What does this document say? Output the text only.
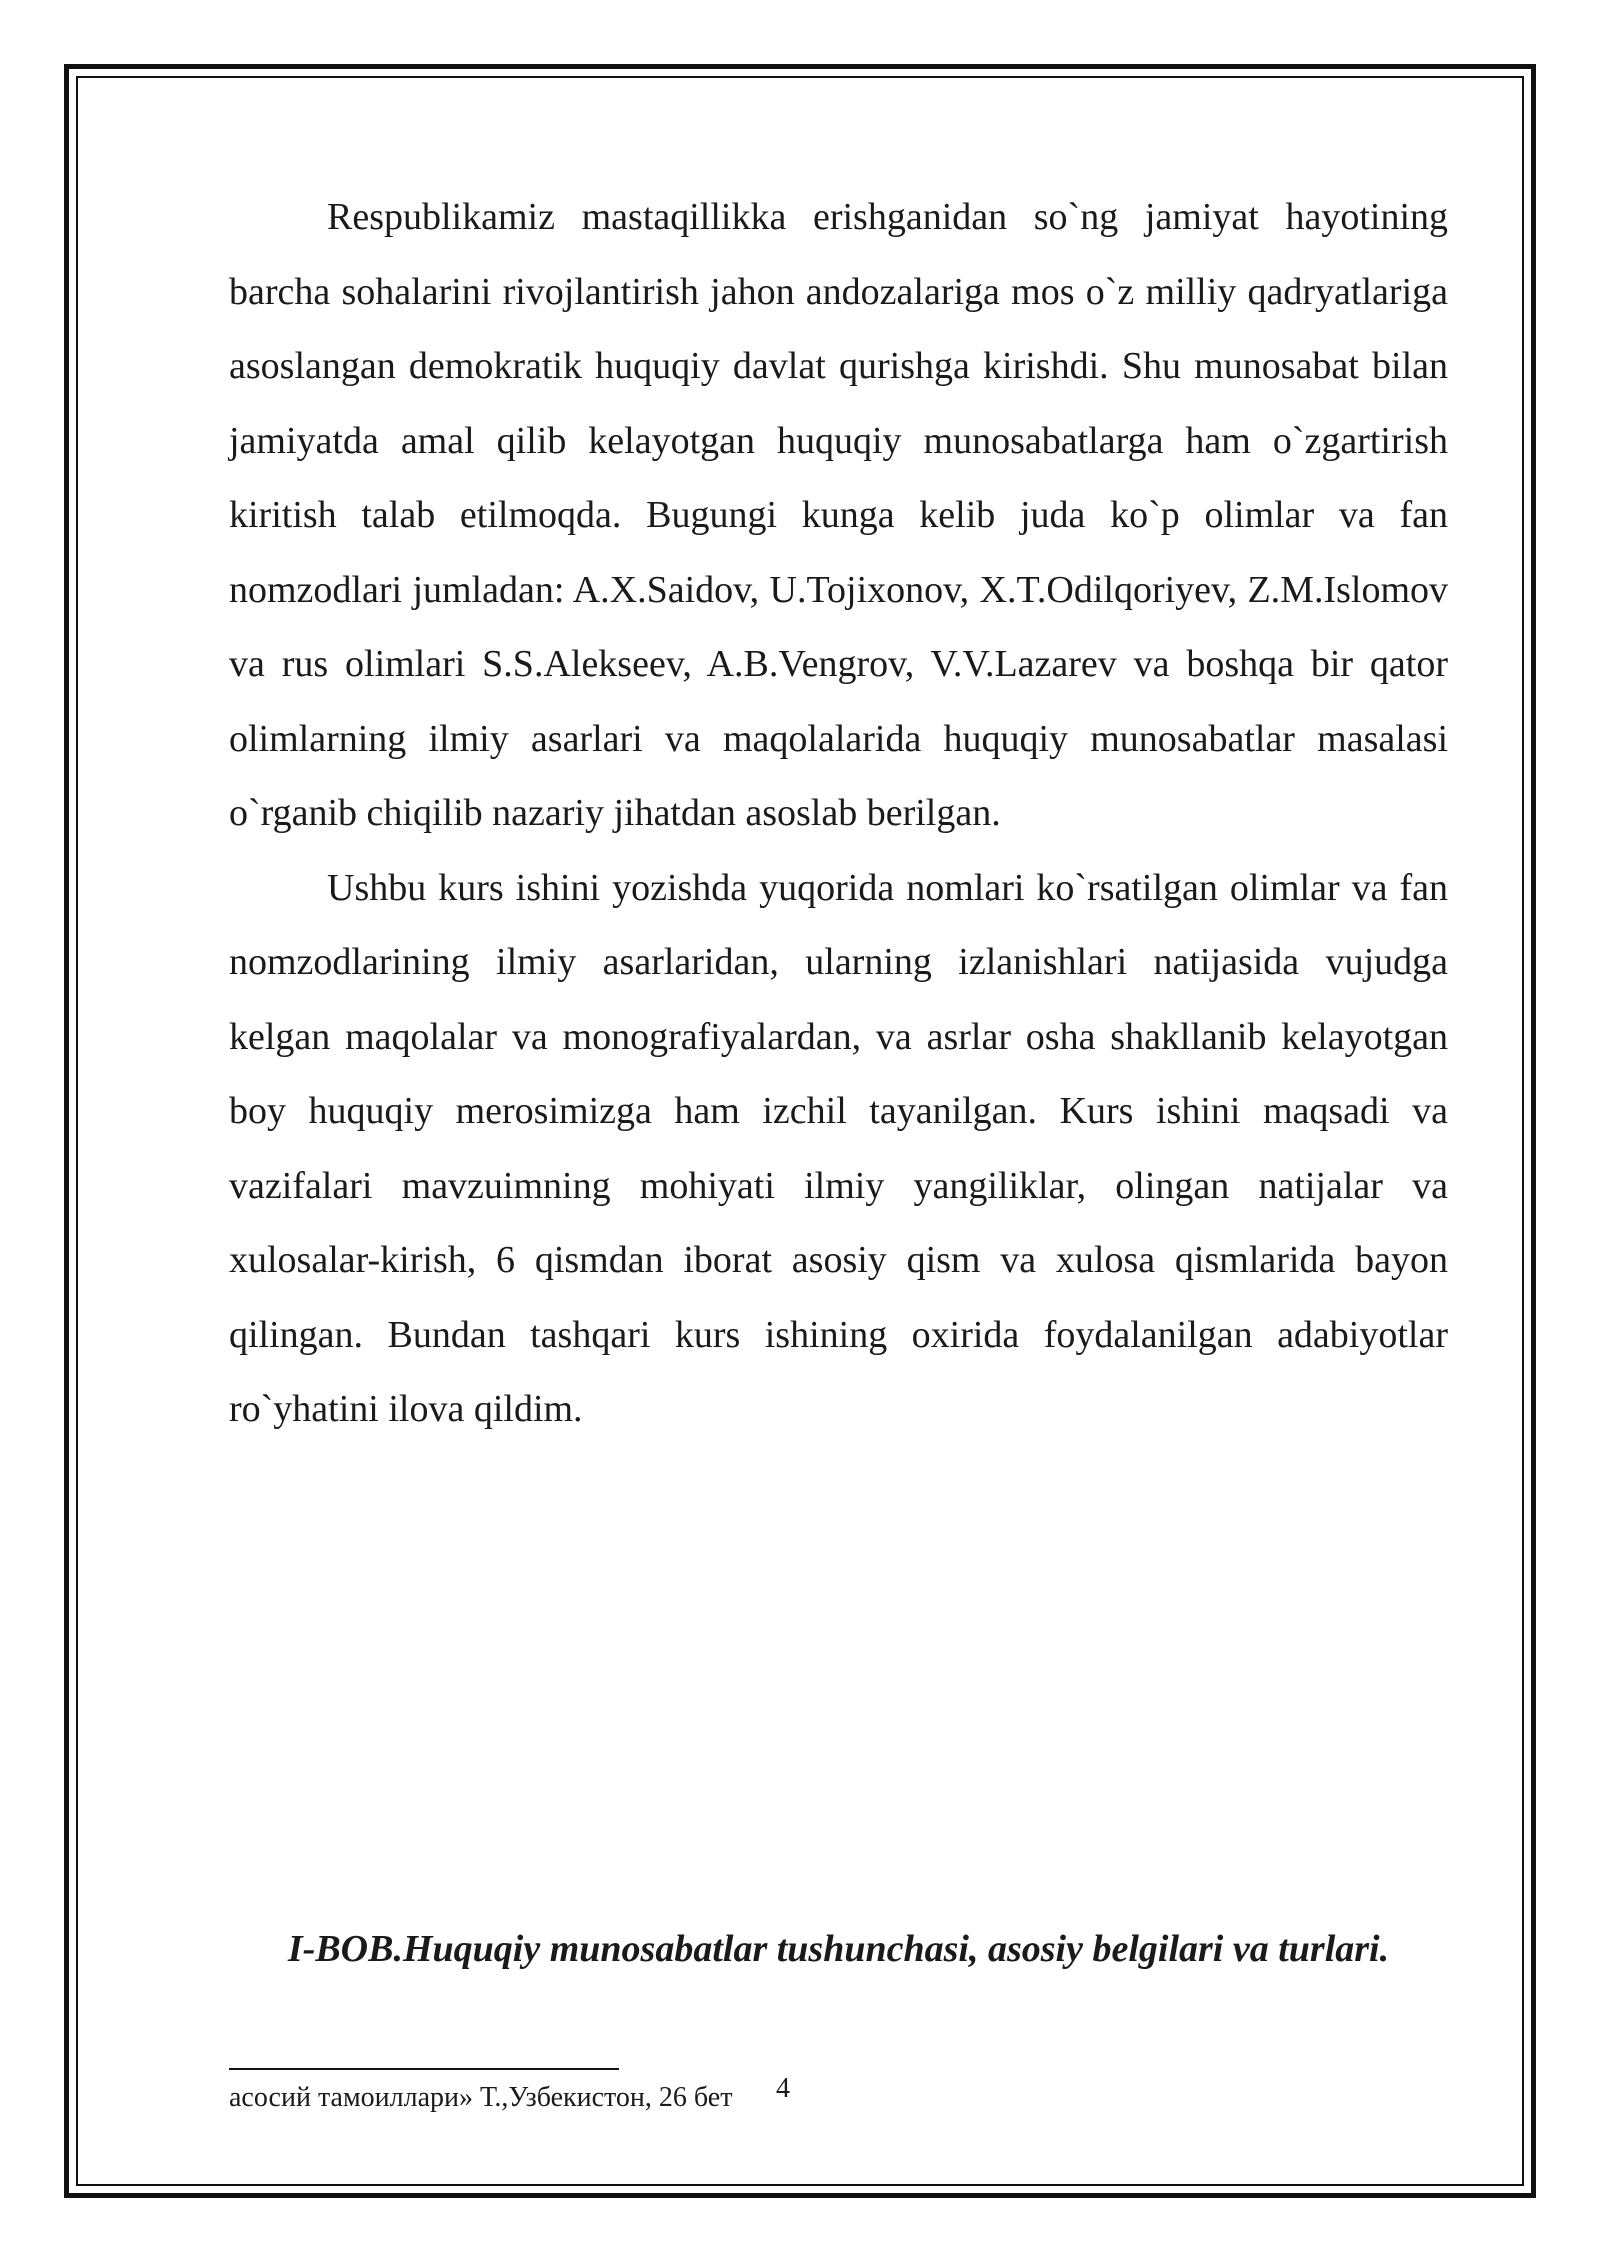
Respublikamiz mastaqillikka erishganidan so`ng jamiyat hayotining barcha sohalarini rivojlantirish jahon andozalariga mos o`z milliy qadryatlariga asoslangan demokratik huquqiy davlat qurishga kirishdi. Shu munosabat bilan jamiyatda amal qilib kelayotgan huquqiy munosabatlarga ham o`zgartirish kiritish talab etilmoqda. Bugungi kunga kelib juda ko`p olimlar va fan nomzodlari jumladan: A.X.Saidov, U.Tojixonov, X.T.Odilqoriyev, Z.M.Islomov va rus olimlari S.S.Alekseev, A.B.Vengrov, V.V.Lazarev va boshqa bir qator olimlarning ilmiy asarlari va maqolalarida huquqiy munosabatlar masalasi o`rganib chiqilib nazariy jihatdan asoslab berilgan.

Ushbu kurs ishini yozishda yuqorida nomlari ko`rsatilgan olimlar va fan nomzodlarining ilmiy asarlaridan, ularning izlanishlari natijasida vujudga kelgan maqolalar va monografiyalardan, va asrlar osha shakllanib kelayotgan boy huquqiy merosimizga ham izchil tayanilgan. Kurs ishini maqsadi va vazifalari mavzuimning mohiyati ilmiy yangiliklar, olingan natijalar va xulosalar-kirish, 6 qismdan iborat asosiy qism va xulosa qismlarida bayon qilingan. Bundan tashqari kurs ishining oxirida foydalanilgan adabiyotlar ro`yhatini ilova qildim.

I-BOB.Huquqiy munosabatlar tushunchasi, asosiy belgilari va turlari.

асосий тамоиллари» Т.,Узбекистон, 26 бет 4
